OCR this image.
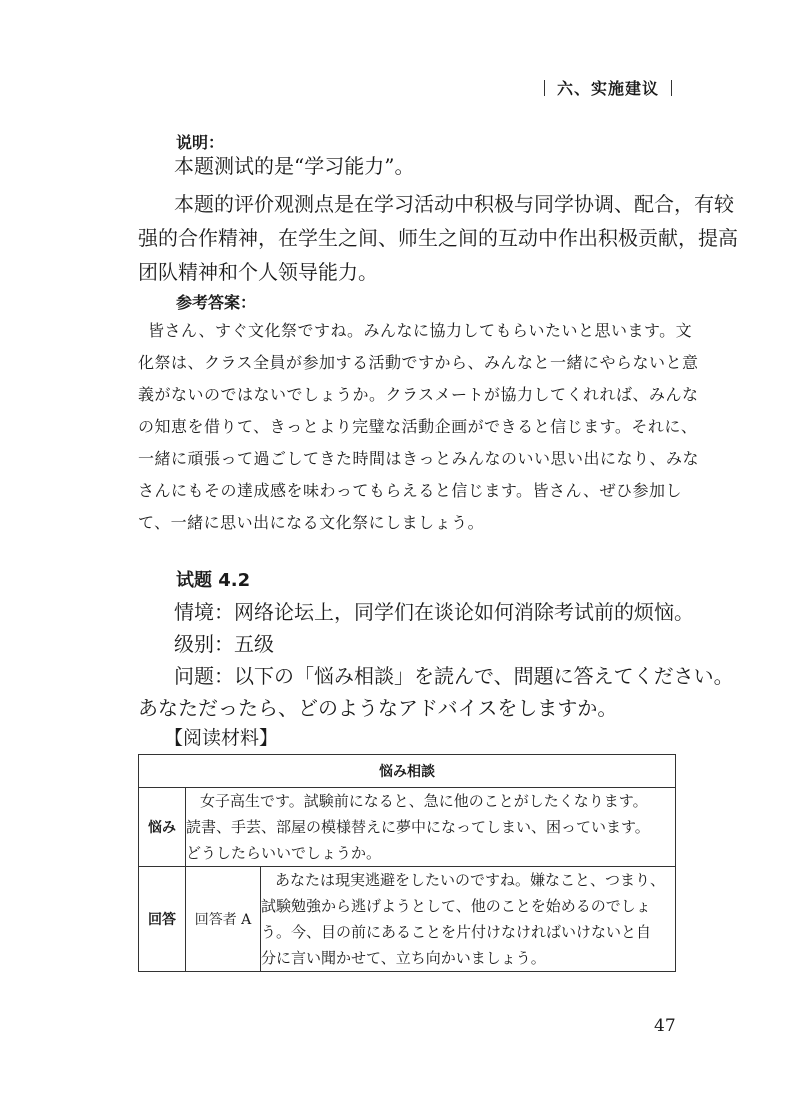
六、实施建议
说明：
本题测试的是“学习能力”。
本题的评价观测点是在学习活动中积极与同学协调、配合，有较
强的合作精神，在学生之间、师生之间的互动中作出积极贡献，提高
团队精神和个人领导能力。
参考答案：
皆さん、すぐ文化祭ですね。みんなに協力してもらいたいと思います。文
化祭は、クラス全員が参加する活動ですから、みんなと一緒にやらないと意
義がないのではないでしょうか。クラスメートが協力してくれれば、みんな
の知恵を借りて、きっとより完璧な活動企画ができると信じます。それに、
一緒に頑張って過ごしてきた時間はきっとみんなのいい思い出になり、みな
さんにもその達成感を味わってもらえると信じます。皆さん、ぜひ参加し
て、一緒に思い出になる文化祭にしましょう。
试题 4.2
情境：网络论坛上，同学们在谈论如何消除考试前的烦恼。
级别：五级
问题：以下の「悩み相談」を読んで、問題に答えてください。
あなただったら、どのようなアドバイスをしますか。
【阅读材料】
悩み相談		
悩み	女子高生です。試験前になると、急に他のことがしたくなります。
読書、手芸、部屋の模様替えに夢中になってしまい、困っています。
どうしたらいいでしょうか。	

回答	回答者 A	あなたは現実逃避をしたいのですね。嫌なこと、つまり、
試験勉強から逃げようとして、他のことを始めるのでしょ
う。今、目の前にあることを片付けなければいけないと自
分に言い聞かせて、立ち向かいましょう。
47
